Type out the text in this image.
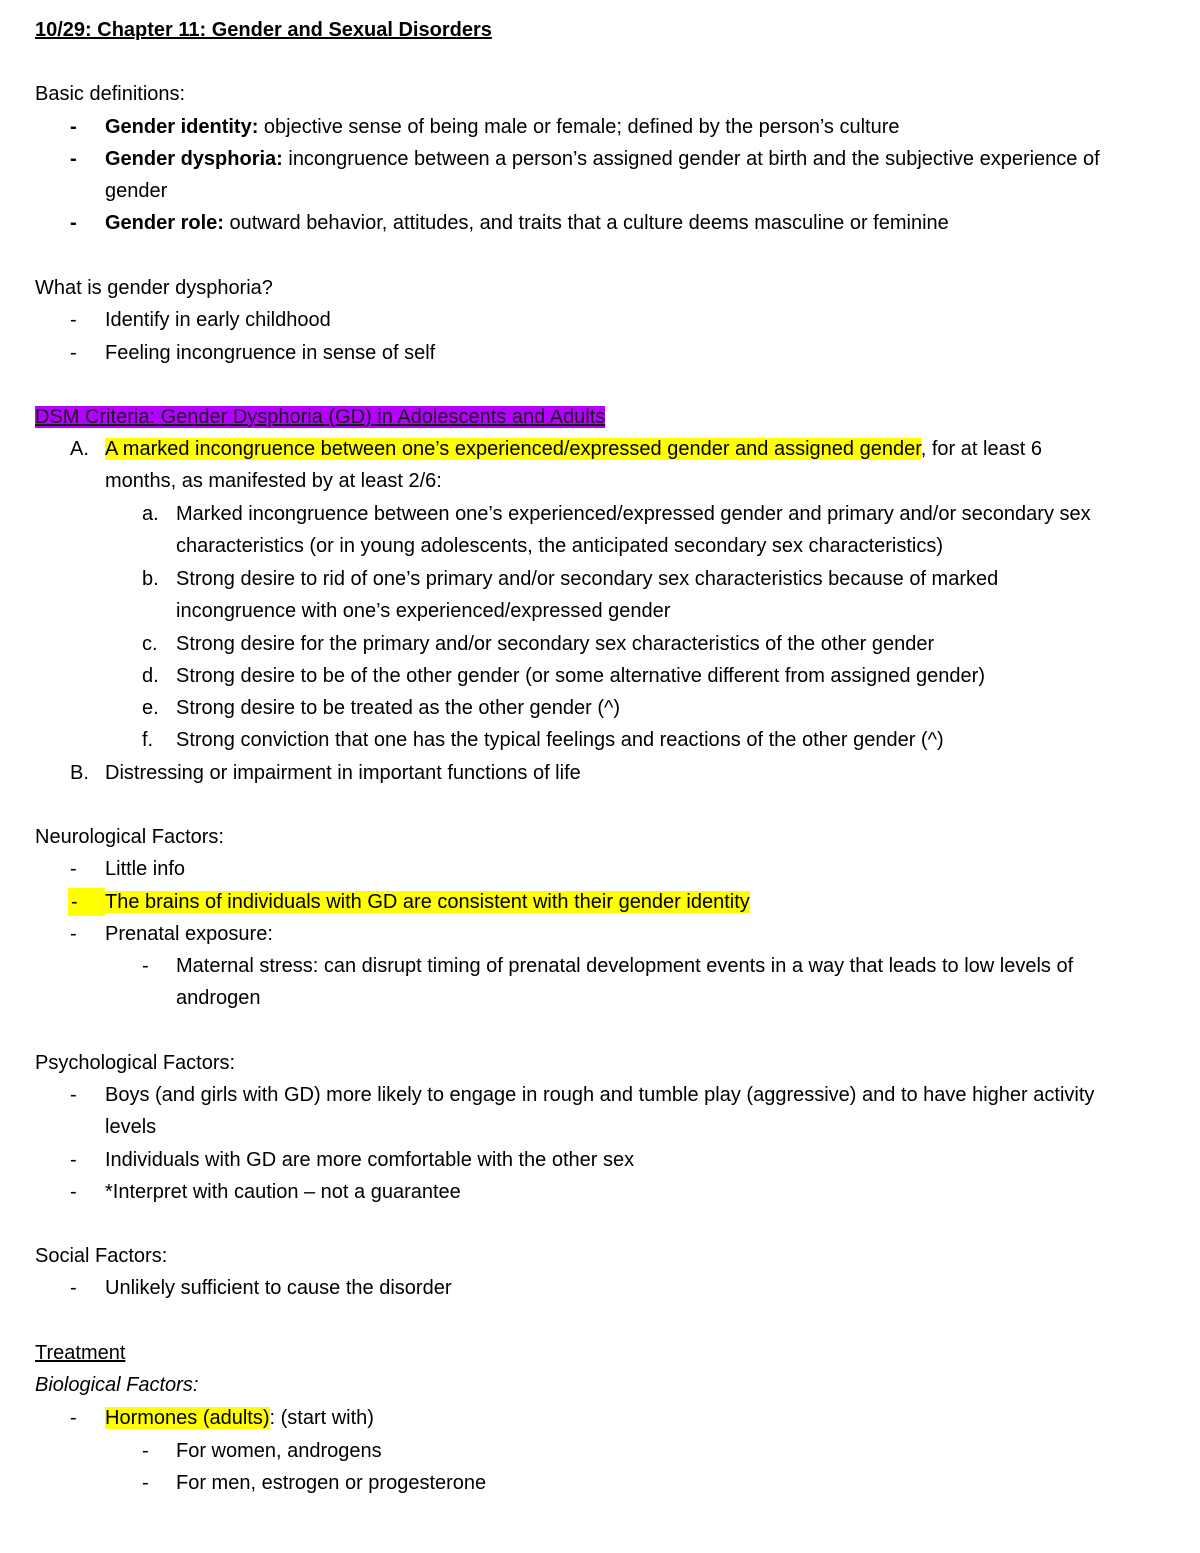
10/29: Chapter 11: Gender and Sexual Disorders
Basic definitions:
- Gender identity: objective sense of being male or female; defined by the person’s culture
- Gender dysphoria: incongruence between a person’s assigned gender at birth and the subjective experience of
gender
- Gender role: outward behavior, attitudes, and traits that a culture deems masculine or feminine
What is gender dysphoria?
- Identify in early childhood
- Feeling incongruence in sense of self
DSM Criteria: Gender Dysphoria (GD) in Adolescents and Adults
A. A marked incongruence between one’s experienced/expressed gender and assigned gender, for at least 6
months, as manifested by at least 2/6:
a. Marked incongruence between one’s experienced/expressed gender and primary and/or secondary sex
characteristics (or in young adolescents, the anticipated secondary sex characteristics)
b. Strong desire to rid of one’s primary and/or secondary sex characteristics because of marked
incongruence with one’s experienced/expressed gender
c. Strong desire for the primary and/or secondary sex characteristics of the other gender
d. Strong desire to be of the other gender (or some alternative different from assigned gender)
e. Strong desire to be treated as the other gender (^)
f. Strong conviction that one has the typical feelings and reactions of the other gender (^)
B. Distressing or impairment in important functions of life
Neurological Factors:
- Little info
- The brains of individuals with GD are consistent with their gender identity
- Prenatal exposure:
- Maternal stress: can disrupt timing of prenatal development events in a way that leads to low levels of
androgen
Psychological Factors:
- Boys (and girls with GD) more likely to engage in rough and tumble play (aggressive) and to have higher activity
levels
- Individuals with GD are more comfortable with the other sex
- *Interpret with caution – not a guarantee
Social Factors:
- Unlikely sufficient to cause the disorder
Treatment
Biological Factors:
- Hormones (adults): (start with)
- For women, androgens
- For men, estrogen or progesterone
